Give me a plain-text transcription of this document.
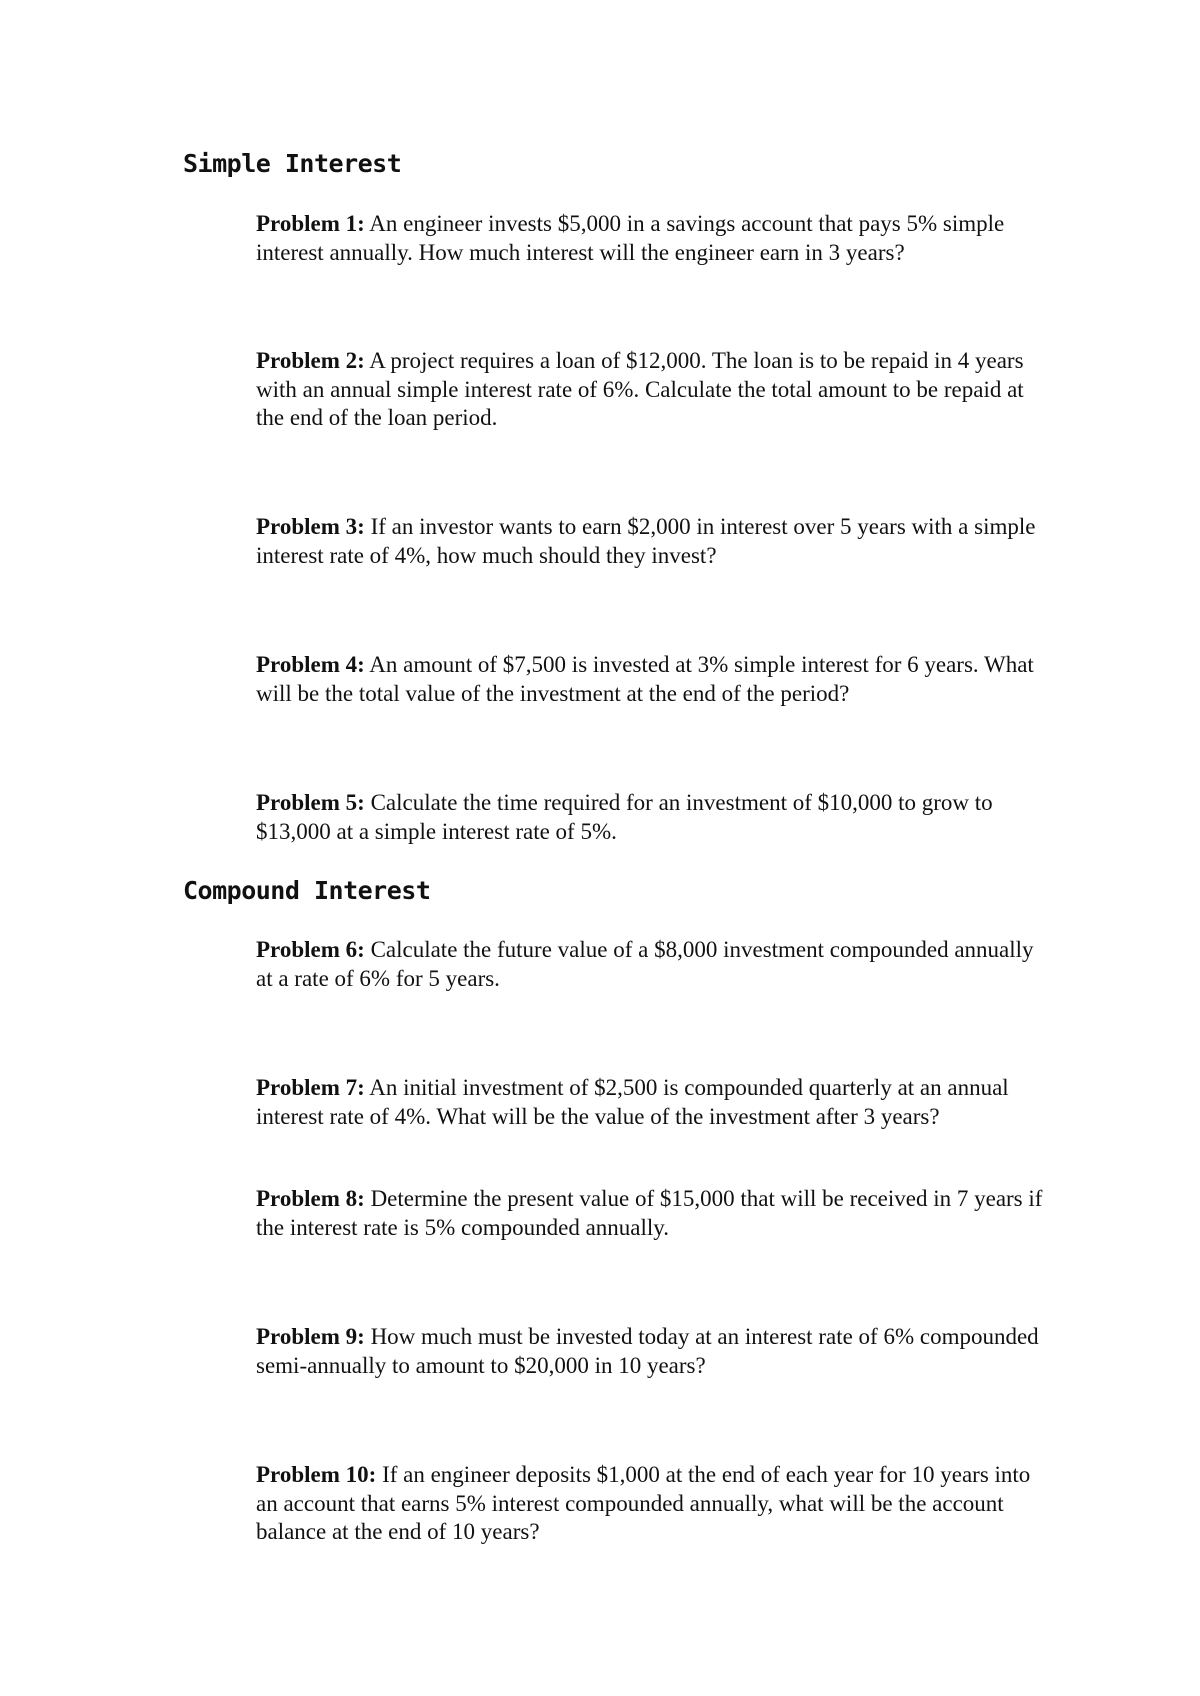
Simple Interest

Problem 1: An engineer invests $5,000 in a savings account that pays 5% simple interest annually. How much interest will the engineer earn in 3 years?

Problem 2: A project requires a loan of $12,000. The loan is to be repaid in 4 years with an annual simple interest rate of 6%. Calculate the total amount to be repaid at the end of the loan period.

Problem 3: If an investor wants to earn $2,000 in interest over 5 years with a simple interest rate of 4%, how much should they invest?

Problem 4: An amount of $7,500 is invested at 3% simple interest for 6 years. What will be the total value of the investment at the end of the period?

Problem 5: Calculate the time required for an investment of $10,000 to grow to $13,000 at a simple interest rate of 5%.

Compound Interest

Problem 6: Calculate the future value of a $8,000 investment compounded annually at a rate of 6% for 5 years.

Problem 7: An initial investment of $2,500 is compounded quarterly at an annual interest rate of 4%. What will be the value of the investment after 3 years?

Problem 8: Determine the present value of $15,000 that will be received in 7 years if the interest rate is 5% compounded annually.

Problem 9: How much must be invested today at an interest rate of 6% compounded semi-annually to amount to $20,000 in 10 years?

Problem 10: If an engineer deposits $1,000 at the end of each year for 10 years into an account that earns 5% interest compounded annually, what will be the account balance at the end of 10 years?
